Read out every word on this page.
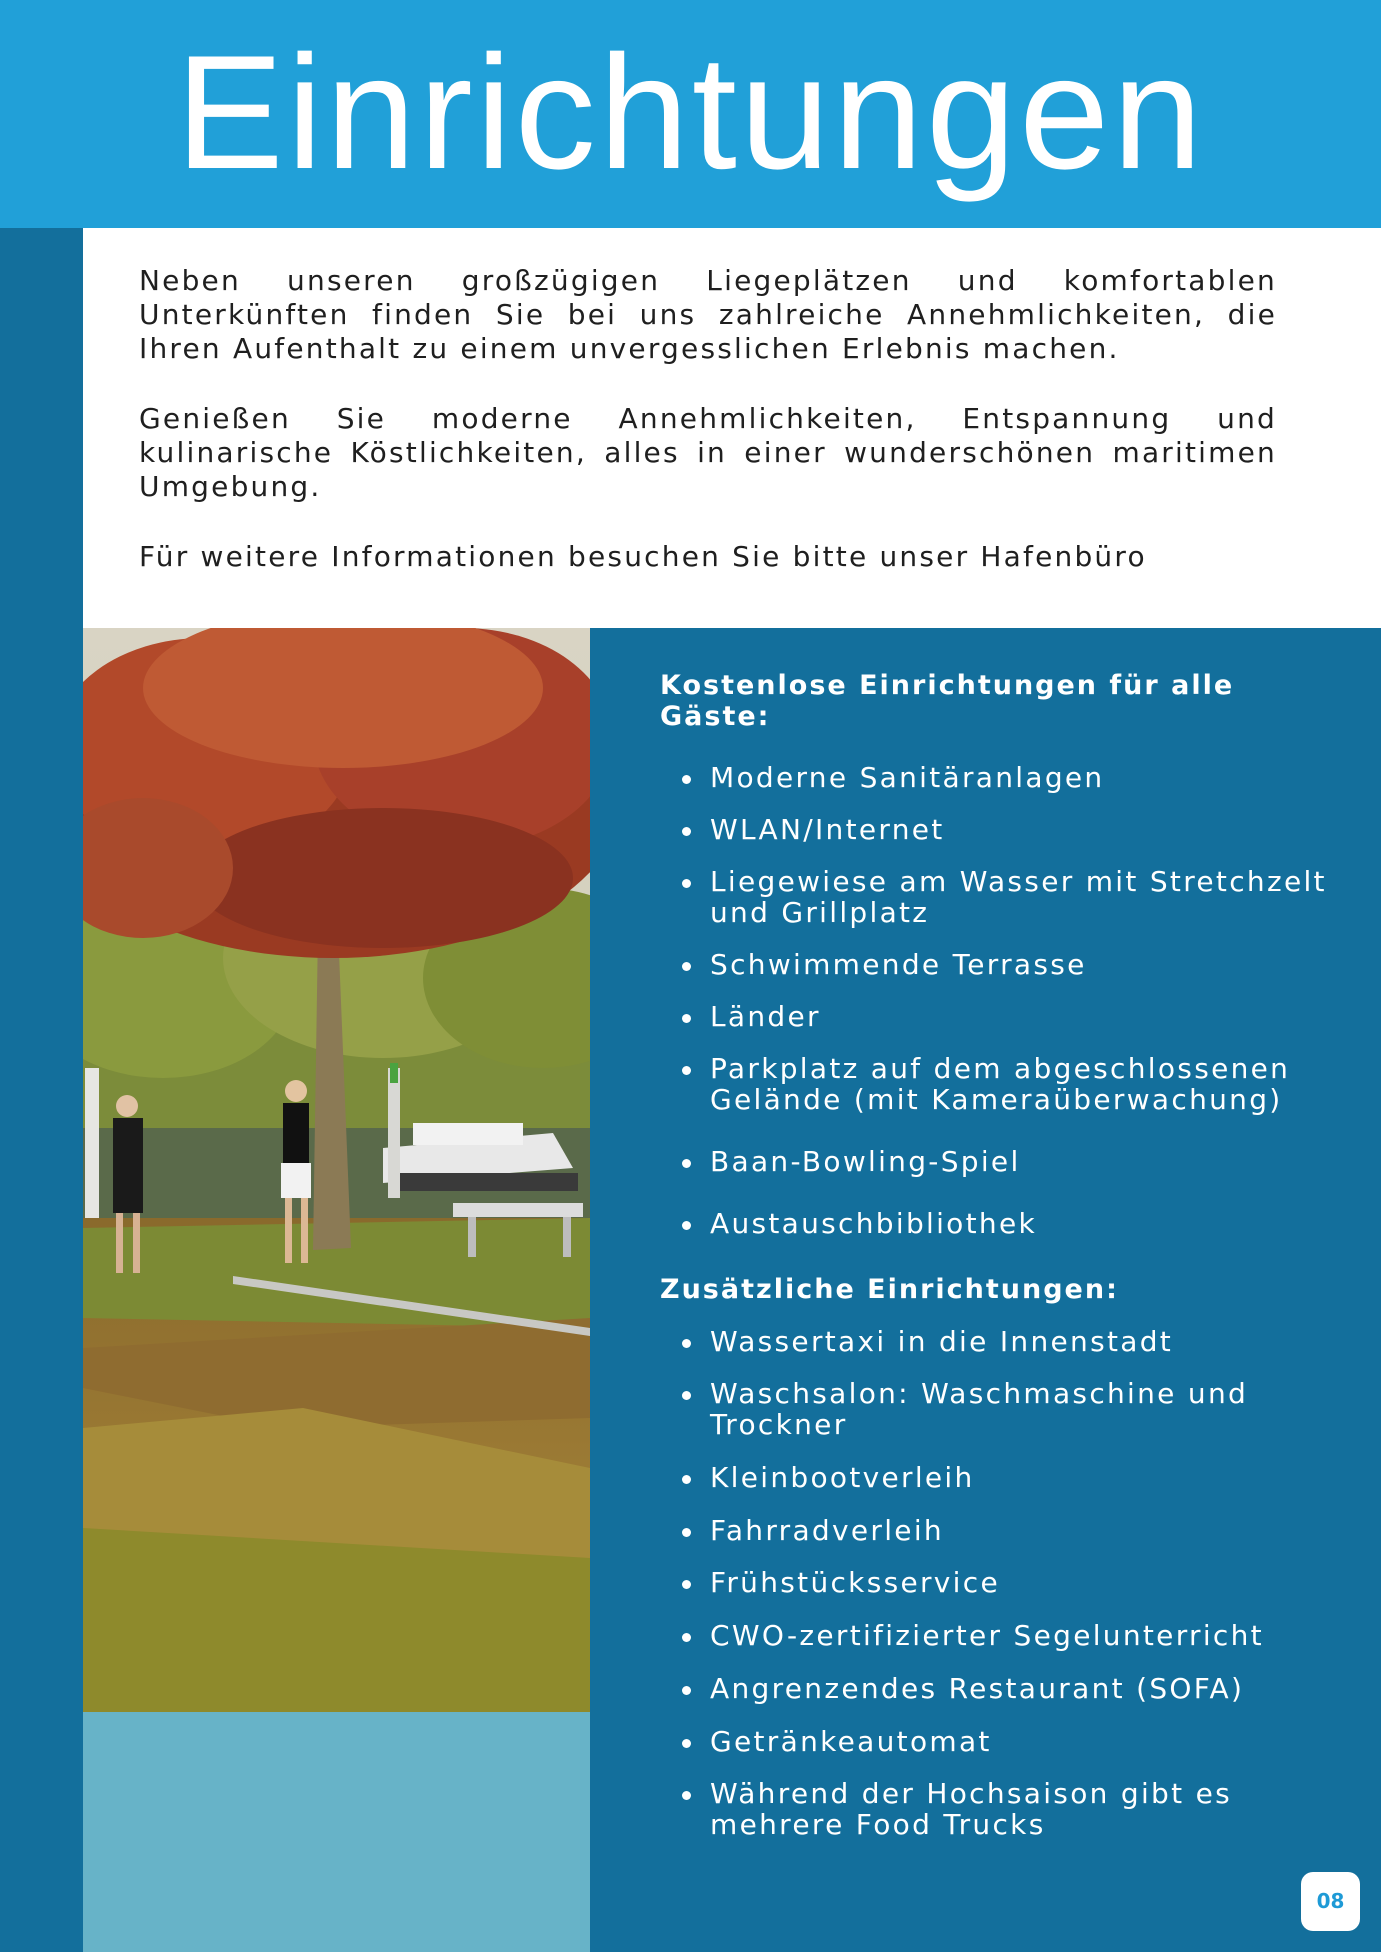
Einrichtungen

Neben unseren großzügigen Liegeplätzen und komfortablen Unterkünften finden Sie bei uns zahlreiche Annehmlichkeiten, die Ihren Aufenthalt zu einem unvergesslichen Erlebnis machen.

Genießen Sie moderne Annehmlichkeiten, Entspannung und kulinarische Köstlichkeiten, alles in einer wunderschönen maritimen Umgebung.

Für weitere Informationen besuchen Sie bitte unser Hafenbüro

Kostenlose Einrichtungen für alle Gäste:
Moderne Sanitäranlagen
WLAN/Internet
Liegewiese am Wasser mit Stretchzelt und Grillplatz
Schwimmende Terrasse
Länder
Parkplatz auf dem abgeschlossenen Gelände (mit Kameraüberwachung)
Baan-Bowling-Spiel
Austauschbibliothek
Zusätzliche Einrichtungen:
Wassertaxi in die Innenstadt
Waschsalon: Waschmaschine und Trockner
Kleinbootverleih
Fahrradverleih
Frühstücksservice
CWO-zertifizierter Segelunterricht
Angrenzendes Restaurant (SOFA)
Getränkeautomat
Während der Hochsaison gibt es mehrere Food Trucks
08
